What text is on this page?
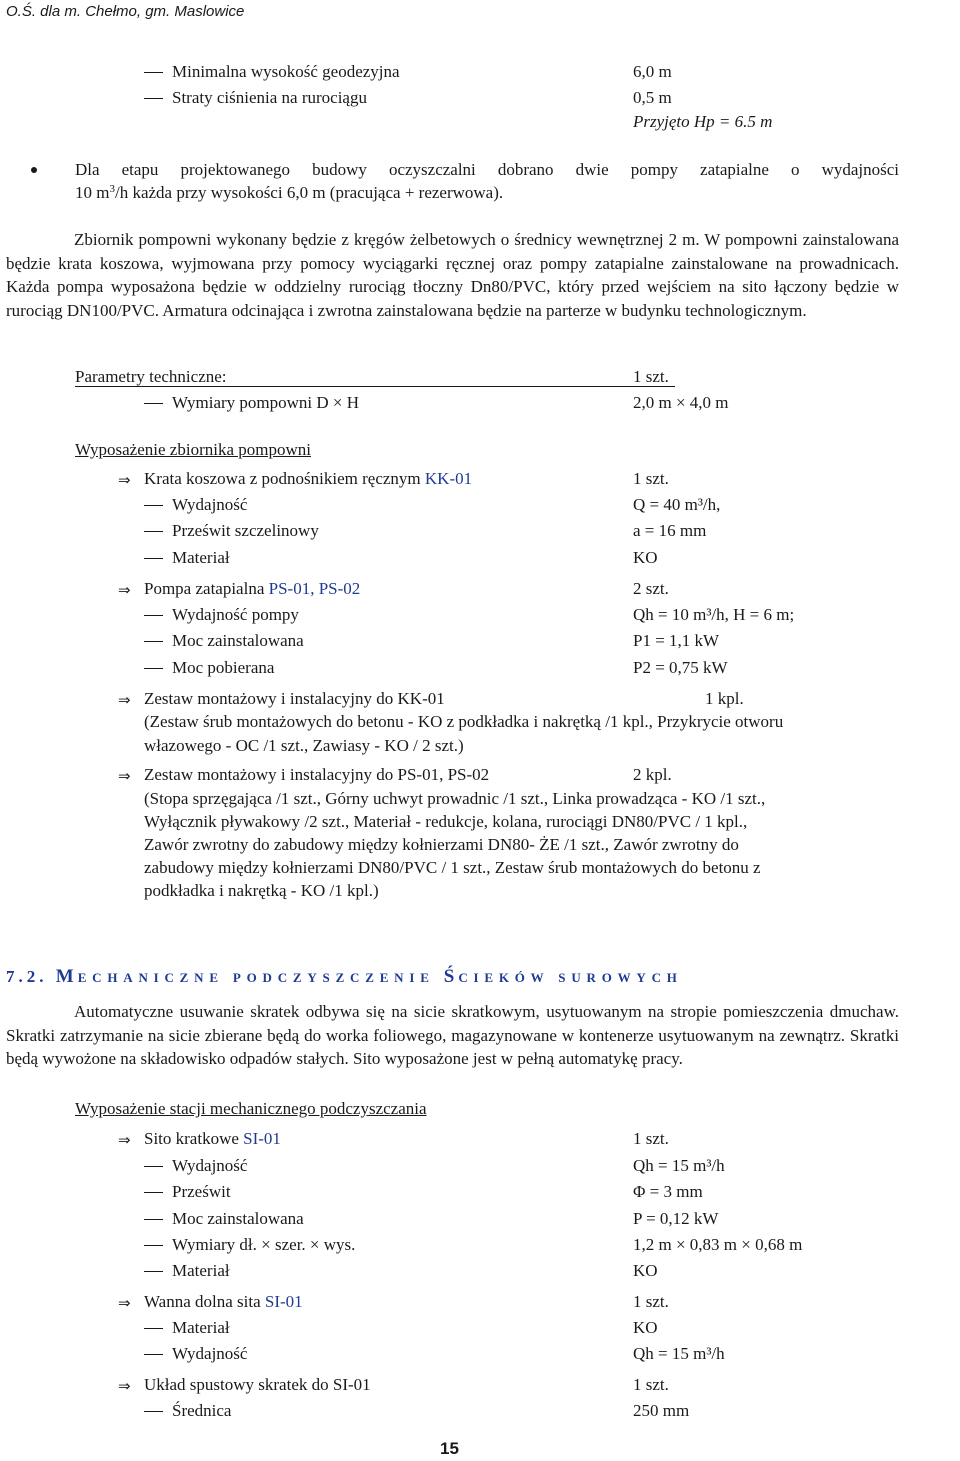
O.Ś. dla m. Chełmo, gm. Maslowice
Minimalna wysokość geodezyjna	6,0 m
Straty ciśnienia na rurociągu	0,5 m
Przyjęto Hp = 6.5 m
Dla etapu projektowanego budowy oczyszczalni dobrano dwie pompy zatapialne o wydajności
10 $m^3/h$ każda przy wysokości 6,0 m (pracująca + rezerwowa).
Zbiornik pompowni wykonany będzie z kręgów żelbetowych o średnicy wewnętrznej 2 m. W pompowni zainstalowana będzie krata koszowa, wyjmowana przy pomocy wyciągarki ręcznej oraz pompy zatapialne zainstalowane na prowadnicach. Każda pompa wyposażona będzie w oddzielny rurociąg tłoczny Dn80/PVC, który przed wejściem na sito łączony będzie w rurociąg DN100/PVC. Armatura odcinająca i zwrotna zainstalowana będzie na parterze w budynku technologicznym.
Parametry techniczne:	1 szt.
Wymiary pompowni D × H	2,0 m × 4,0 m
Wyposażenie zbiornika pompowni
⇒ Krata koszowa z podnośnikiem ręcznym KK-01	1 szt.
Wydajność	Q = 40 m³/h,
Prześwit szczelinowy	a = 16 mm
Materiał	KO
⇒ Pompa zatapialna PS-01, PS-02	2 szt.
Wydajność pompy	Qh = 10 m³/h, H = 6 m;
Moc zainstalowana	P1 = 1,1 kW
Moc pobierana	P2 = 0,75 kW
⇒ Zestaw montażowy i instalacyjny do KK-01	1 kpl.
(Zestaw śrub montażowych do betonu - KO z podkładka i nakrętką /1 kpl., Przykrycie otworu
włazowego - OC /1 szt., Zawiasy - KO / 2 szt.)
⇒ Zestaw montażowy i instalacyjny do PS-01, PS-02	2 kpl.
(Stopa sprzęgająca /1 szt., Górny uchwyt prowadnic /1 szt., Linka prowadząca - KO /1 szt.,
Wyłącznik pływakowy /2 szt., Materiał - redukcje, kolana, rurociągi DN80/PVC / 1 kpl.,
Zawór zwrotny do zabudowy między kołnierzami DN80- ŻE /1 szt., Zawór zwrotny do
zabudowy między kołnierzami DN80/PVC / 1 szt., Zestaw śrub montażowych do betonu z
podkładka i nakrętką - KO /1 kpl.)
7.2. MECHANICZNE PODCZYSZCZENIE ŚCIEKÓW SUROWYCH
Automatyczne usuwanie skratek odbywa się na sicie skratkowym, usytuowanym na stropie pomieszczenia dmuchaw. Skratki zatrzymanie na sicie zbierane będą do worka foliowego, magazynowane w kontenerze usytuowanym na zewnątrz. Skratki będą wywożone na składowisko odpadów stałych. Sito wyposażone jest w pełną automatykę pracy.
Wyposażenie stacji mechanicznego podczyszczania
⇒ Sito kratkowe SI-01	1 szt.
Wydajność	Qh = 15 m³/h
Prześwit	Φ = 3 mm
Moc zainstalowana	P = 0,12 kW
Wymiary dł. × szer. × wys.	1,2 m × 0,83 m × 0,68 m
Materiał	KO
⇒ Wanna dolna sita SI-01	1 szt.
Materiał	KO
Wydajność	Qh = 15 m³/h
⇒ Układ spustowy skratek do SI-01	1 szt.
Średnica	250 mm
15
